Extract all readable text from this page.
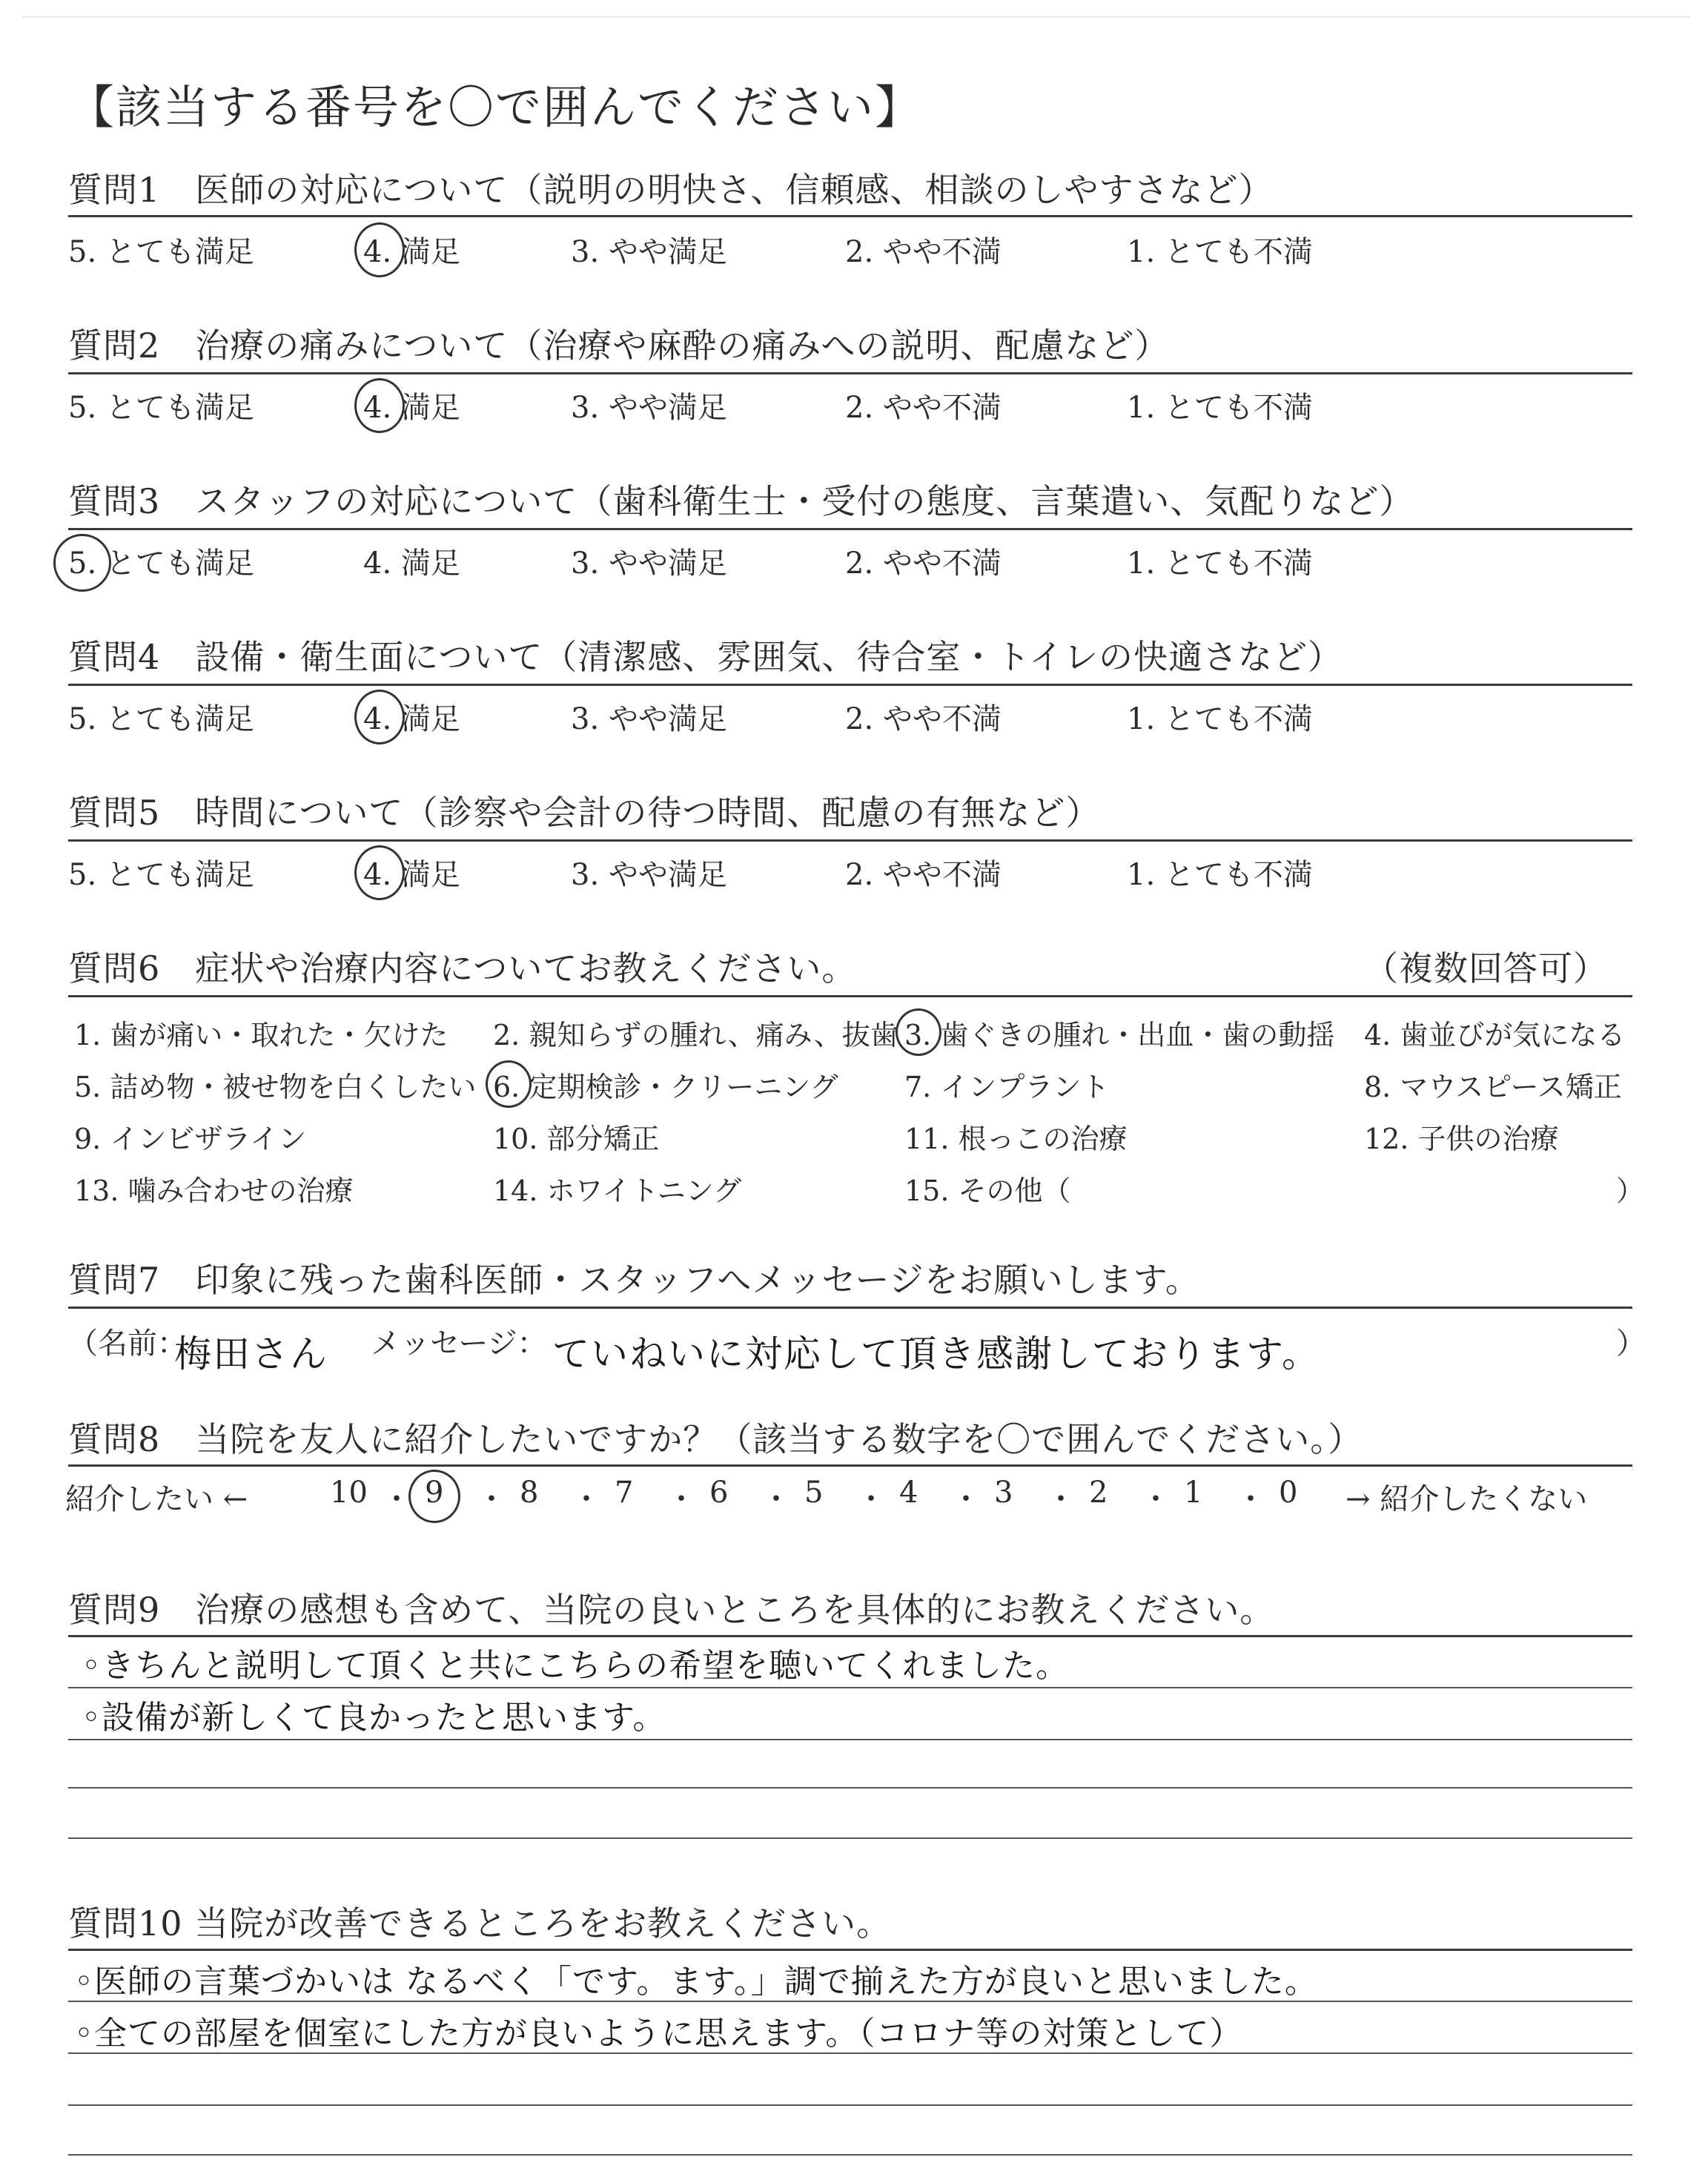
【該当する番号を〇で囲んでください】
質問1　医師の対応について（説明の明快さ、信頼感、相談のしやすさなど）
5. とても満足	4. 満足	3. やや満足	2. やや不満	1. とても不満
質問2　治療の痛みについて（治療や麻酔の痛みへの説明、配慮など）
5. とても満足	4. 満足	3. やや満足	2. やや不満	1. とても不満
質問3　スタッフの対応について（歯科衛生士・受付の態度、言葉遣い、気配りなど）
5. とても満足	4. 満足	3. やや満足	2. やや不満	1. とても不満
質問4　設備・衛生面について（清潔感、雰囲気、待合室・トイレの快適さなど）
5. とても満足	4. 満足	3. やや満足	2. やや不満	1. とても不満
質問5　時間について（診察や会計の待つ時間、配慮の有無など）
5. とても満足	4. 満足	3. やや満足	2. やや不満	1. とても不満
質問6　症状や治療内容についてお教えください。	（複数回答可）
1. 歯が痛い・取れた・欠けた 2. 親知らずの腫れ、痛み、抜歯 3. 歯ぐきの腫れ・出血・歯の動揺 4. 歯並びが気になる
5. 詰め物・被せ物を白くしたい 6. 定期検診・クリーニング 7. インプラント	8. マウスピース矯正
9. インビザライン	10. 部分矯正	11. 根っこの治療	12. 子供の治療
13. 噛み合わせの治療	14. ホワイトニング	15. その他（	）
質問7　印象に残った歯科医師・スタッフへメッセージをお願いします。
（名前：
梅田さん メッセージ： ていねいに対応して頂き感謝しております。	）
質問8　当院を友人に紹介したいですか？（該当する数字を〇で囲んでください。）
紹介したい ←	10 ・ 9 ・ 8 ・ 7 ・ 6 ・ 5 ・ 4 ・ 3 ・ 2 ・ 1 ・ 0 → 紹介したくない
質問9　治療の感想も含めて、当院の良いところを具体的にお教えください。
◦きちんと説明して頂くと共にこちらの希望を聴いてくれました。
◦設備が新しくて良かったと思います。
質問10 当院が改善できるところをお教えください。
◦医師の言葉づかいは なるべく「です。ます。」調で揃えた方が良いと思いました。
◦全ての部屋を個室にした方が良いように思えます。（コロナ等の対策として）
